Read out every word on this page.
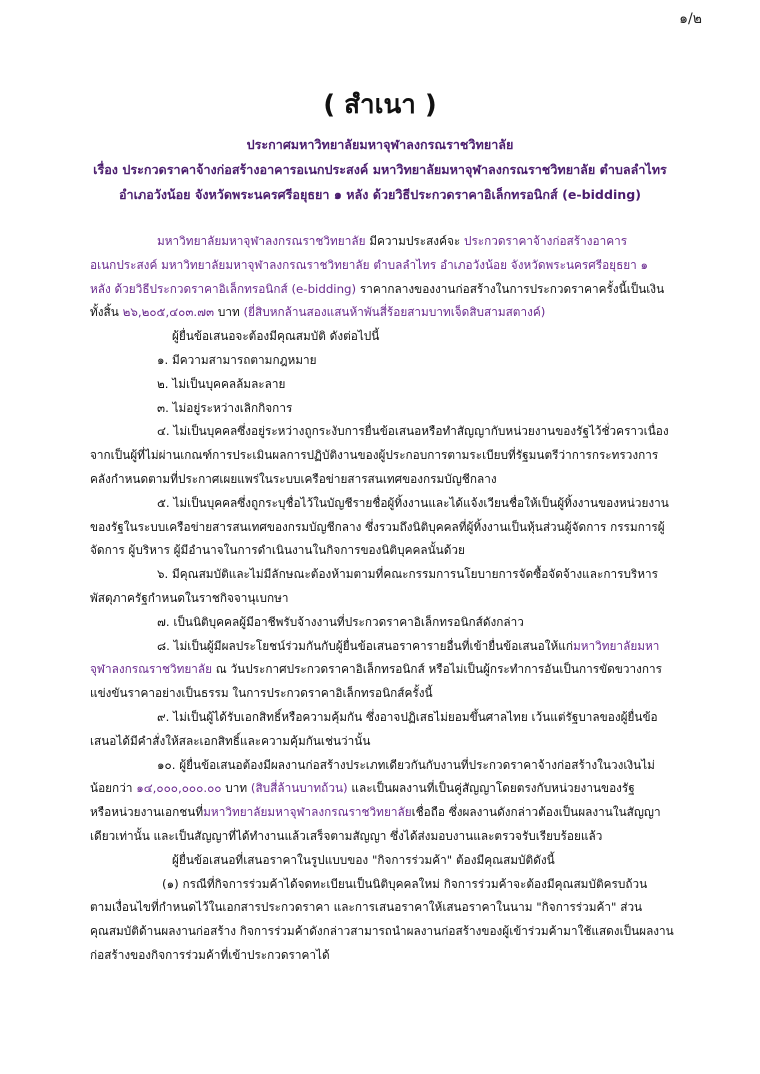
๑/๒
( สำเนา )
ประกาศมหาวิทยาลัยมหาจุฬาลงกรณราชวิทยาลัย
เรื่อง ประกวดราคาจ้างก่อสร้างอาคารอเนกประสงค์ มหาวิทยาลัยมหาจุฬาลงกรณราชวิทยาลัย ตำบลลำไทร
อำเภอวังน้อย จังหวัดพระนครศรีอยุธยา ๑ หลัง ด้วยวิธีประกวดราคาอิเล็กทรอนิกส์ (e-bidding)
มหาวิทยาลัยมหาจุฬาลงกรณราชวิทยาลัย มีความประสงค์จะ ประกวดราคาจ้างก่อสร้างอาคาร
อเนกประสงค์ มหาวิทยาลัยมหาจุฬาลงกรณราชวิทยาลัย ตำบลลำไทร อำเภอวังน้อย จังหวัดพระนครศรีอยุธยา ๑
หลัง ด้วยวิธีประกวดราคาอิเล็กทรอนิกส์ (e-bidding) ราคากลางของงานก่อสร้างในการประกวดราคาครั้งนี้เป็นเงิน
ทั้งสิ้น ๒๖,๒๐๕,๔๐๓.๗๓ บาท (ยี่สิบหกล้านสองแสนห้าพันสี่ร้อยสามบาทเจ็ดสิบสามสตางค์)
ผู้ยื่นข้อเสนอจะต้องมีคุณสมบัติ ดังต่อไปนี้
๑. มีความสามารถตามกฎหมาย
๒. ไม่เป็นบุคคลล้มละลาย
๓. ไม่อยู่ระหว่างเลิกกิจการ
๔. ไม่เป็นบุคคลซึ่งอยู่ระหว่างถูกระงับการยื่นข้อเสนอหรือทำสัญญากับหน่วยงานของรัฐไว้ชั่วคราวเนื่อง
จากเป็นผู้ที่ไม่ผ่านเกณฑ์การประเมินผลการปฏิบัติงานของผู้ประกอบการตามระเบียบที่รัฐมนตรีว่าการกระทรวงการ
คลังกำหนดตามที่ประกาศเผยแพร่ในระบบเครือข่ายสารสนเทศของกรมบัญชีกลาง
๕. ไม่เป็นบุคคลซึ่งถูกระบุชื่อไว้ในบัญชีรายชื่อผู้ทิ้งงานและได้แจ้งเวียนชื่อให้เป็นผู้ทิ้งงานของหน่วยงาน
ของรัฐในระบบเครือข่ายสารสนเทศของกรมบัญชีกลาง ซึ่งรวมถึงนิติบุคคลที่ผู้ทิ้งงานเป็นหุ้นส่วนผู้จัดการ กรรมการผู้
จัดการ ผู้บริหาร ผู้มีอำนาจในการดำเนินงานในกิจการของนิติบุคคลนั้นด้วย
๖. มีคุณสมบัติและไม่มีลักษณะต้องห้ามตามที่คณะกรรมการนโยบายการจัดซื้อจัดจ้างและการบริหาร
พัสดุภาครัฐกำหนดในราชกิจจานุเบกษา
๗. เป็นนิติบุคคลผู้มีอาชีพรับจ้างงานที่ประกวดราคาอิเล็กทรอนิกส์ดังกล่าว
๘. ไม่เป็นผู้มีผลประโยชน์ร่วมกันกับผู้ยื่นข้อเสนอราคารายอื่นที่เข้ายื่นข้อเสนอให้แก่มหาวิทยาลัยมหา
จุฬาลงกรณราชวิทยาลัย ณ วันประกาศประกวดราคาอิเล็กทรอนิกส์ หรือไม่เป็นผู้กระทำการอันเป็นการขัดขวางการ
แข่งขันราคาอย่างเป็นธรรม ในการประกวดราคาอิเล็กทรอนิกส์ครั้งนี้
๙. ไม่เป็นผู้ได้รับเอกสิทธิ์หรือความคุ้มกัน ซึ่งอาจปฏิเสธไม่ยอมขึ้นศาลไทย เว้นแต่รัฐบาลของผู้ยื่นข้อ
เสนอได้มีคำสั่งให้สละเอกสิทธิ์และความคุ้มกันเช่นว่านั้น
๑๐. ผู้ยื่นข้อเสนอต้องมีผลงานก่อสร้างประเภทเดียวกันกับงานที่ประกวดราคาจ้างก่อสร้างในวงเงินไม่
น้อยกว่า ๑๔,๐๐๐,๐๐๐.๐๐ บาท (สิบสี่ล้านบาทถ้วน) และเป็นผลงานที่เป็นคู่สัญญาโดยตรงกับหน่วยงานของรัฐ
หรือหน่วยงานเอกชนที่มหาวิทยาลัยมหาจุฬาลงกรณราชวิทยาลัยเชื่อถือ ซึ่งผลงานดังกล่าวต้องเป็นผลงานในสัญญา
เดียวเท่านั้น และเป็นสัญญาที่ได้ทำงานแล้วเสร็จตามสัญญา ซึ่งได้ส่งมอบงานและตรวจรับเรียบร้อยแล้ว
ผู้ยื่นข้อเสนอที่เสนอราคาในรูปแบบของ "กิจการร่วมค้า" ต้องมีคุณสมบัติดังนี้
(๑) กรณีที่กิจการร่วมค้าได้จดทะเบียนเป็นนิติบุคคลใหม่ กิจการร่วมค้าจะต้องมีคุณสมบัติครบถ้วน
ตามเงื่อนไขที่กำหนดไว้ในเอกสารประกวดราคา และการเสนอราคาให้เสนอราคาในนาม "กิจการร่วมค้า" ส่วน
คุณสมบัติด้านผลงานก่อสร้าง กิจการร่วมค้าดังกล่าวสามารถนำผลงานก่อสร้างของผู้เข้าร่วมค้ามาใช้แสดงเป็นผลงาน
ก่อสร้างของกิจการร่วมค้าที่เข้าประกวดราคาได้
